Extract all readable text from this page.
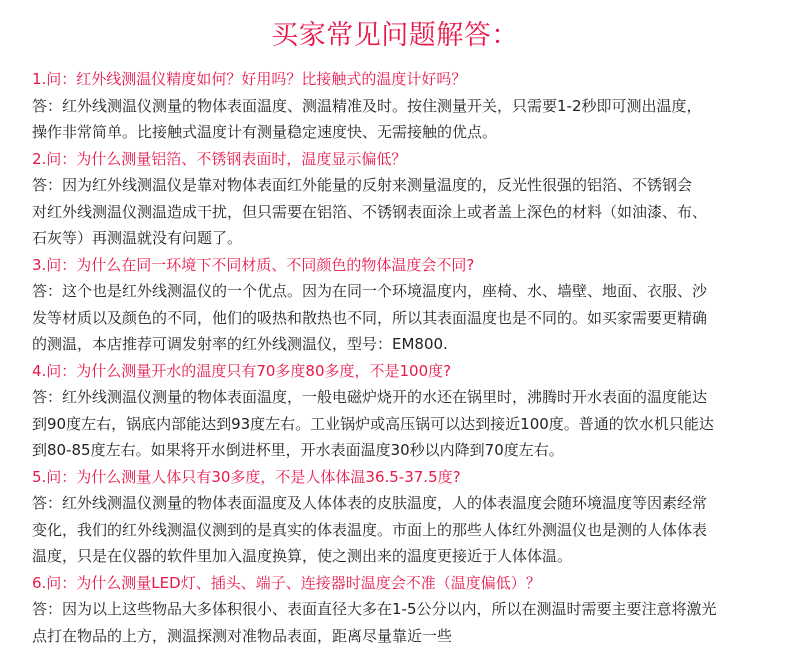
买家常见问题解答：
1.问：红外线测温仪精度如何？好用吗？比接触式的温度计好吗？
答：红外线测温仪测量的物体表面温度、测温精准及时。按住测量开关，只需要1-2秒即可测出温度，
操作非常简单。比接触式温度计有测量稳定速度快、无需接触的优点。
2.问：为什么测量铝箔、不锈钢表面时，温度显示偏低？
答：因为红外线测温仪是靠对物体表面红外能量的反射来测量温度的，反光性很强的铝箔、不锈钢会
对红外线测温仪测温造成干扰，但只需要在铝箔、不锈钢表面涂上或者盖上深色的材料（如油漆、布、
石灰等）再测温就没有问题了。
3.问：为什么在同一环境下不同材质、不同颜色的物体温度会不同?
答：这个也是红外线测温仪的一个优点。因为在同一个环境温度内，座椅、水、墙壁、地面、衣服、沙
发等材质以及颜色的不同，他们的吸热和散热也不同，所以其表面温度也是不同的。如买家需要更精确
的测温，本店推荐可调发射率的红外线测温仪，型号：EM800.
4.问：为什么测量开水的温度只有70多度80多度，不是100度?
答：红外线测温仪测量的物体表面温度，一般电磁炉烧开的水还在锅里时，沸腾时开水表面的温度能达
到90度左右，锅底内部能达到93度左右。工业锅炉或高压锅可以达到接近100度。普通的饮水机只能达
到80-85度左右。如果将开水倒进杯里，开水表面温度30秒以内降到70度左右。
5.问：为什么测量人体只有30多度，不是人体体温36.5-37.5度?
答：红外线测温仪测量的物体表面温度及人体体表的皮肤温度，人的体表温度会随环境温度等因素经常
变化，我们的红外线测温仪测到的是真实的体表温度。市面上的那些人体红外测温仪也是测的人体体表
温度，只是在仪器的软件里加入温度换算，使之测出来的温度更接近于人体体温。
6.问：为什么测量LED灯、插头、端子、连接器时温度会不准（温度偏低）？
答：因为以上这些物品大多体积很小、表面直径大多在1-5公分以内，所以在测温时需要主要注意将激光
点打在物品的上方，测温探测对准物品表面，距离尽量靠近一些
